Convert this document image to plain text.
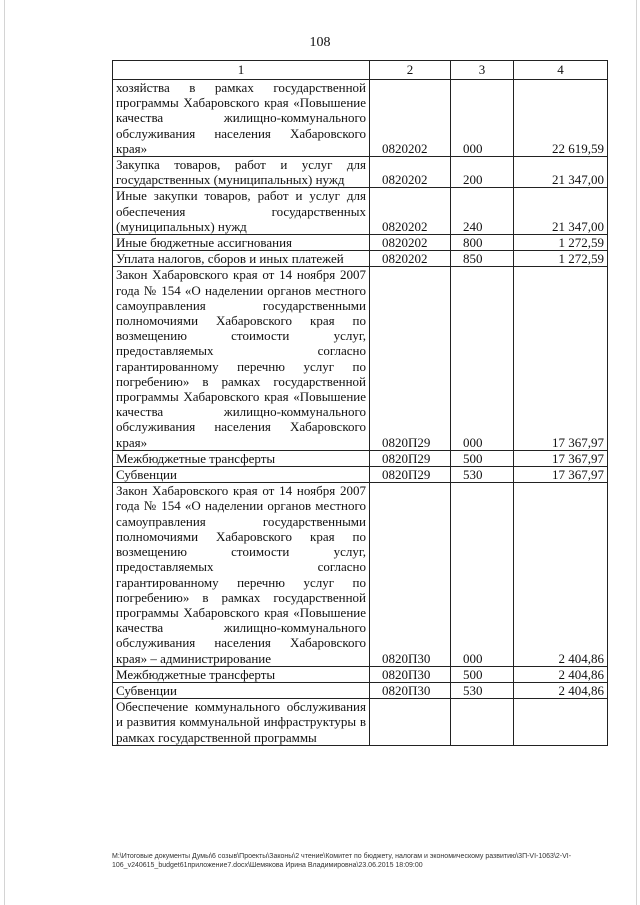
108
1	2	3	4
хозяйства в рамках государственной программы Хабаровского края «Повышение качества жилищно-коммунального обслуживания населения Хабаровского края»	0820202	000	22 619,59
Закупка товаров, работ и услуг для государственных (муниципальных) нужд	0820202	200	21 347,00
Иные закупки товаров, работ и услуг для обеспечения государственных (муниципальных) нужд	0820202	240	21 347,00
Иные бюджетные ассигнования	0820202	800	1 272,59
Уплата налогов, сборов и иных платежей	0820202	850	1 272,59
Закон Хабаровского края от 14 ноября 2007 года № 154 «О наделении органов местного самоуправления государственными полномочиями Хабаровского края по возмещению стоимости услуг, предоставляемых согласно гарантированному перечню услуг по погребению» в рамках государственной программы Хабаровского края «Повышение качества жилищно-коммунального обслуживания населения Хабаровского края»	0820П29	000	17 367,97
Межбюджетные трансферты	0820П29	500	17 367,97
Субвенции	0820П29	530	17 367,97
Закон Хабаровского края от 14 ноября 2007 года № 154 «О наделении органов местного самоуправления государственными полномочиями Хабаровского края по возмещению стоимости услуг, предоставляемых согласно гарантированному перечню услуг по погребению» в рамках государственной программы Хабаровского края «Повышение качества жилищно-коммунального обслуживания населения Хабаровского края» – администрирование	0820П30	000	2 404,86
Межбюджетные трансферты	0820П30	500	2 404,86
Субвенции	0820П30	530	2 404,86
Обеспечение коммунального обслуживания и развития коммунальной инфраструктуры в рамках государственной программы			
M:\Итоговые документы Думы\6 созыв\Проекты\Законы\2 чтение\Комитет по бюджету, налогам и экономическому развитию\3П-VI-1063\2-VI-
106_v240615_budget61приложение7.docx\Шемякова Ирина Владимировна\23.06.2015 18:09:00
